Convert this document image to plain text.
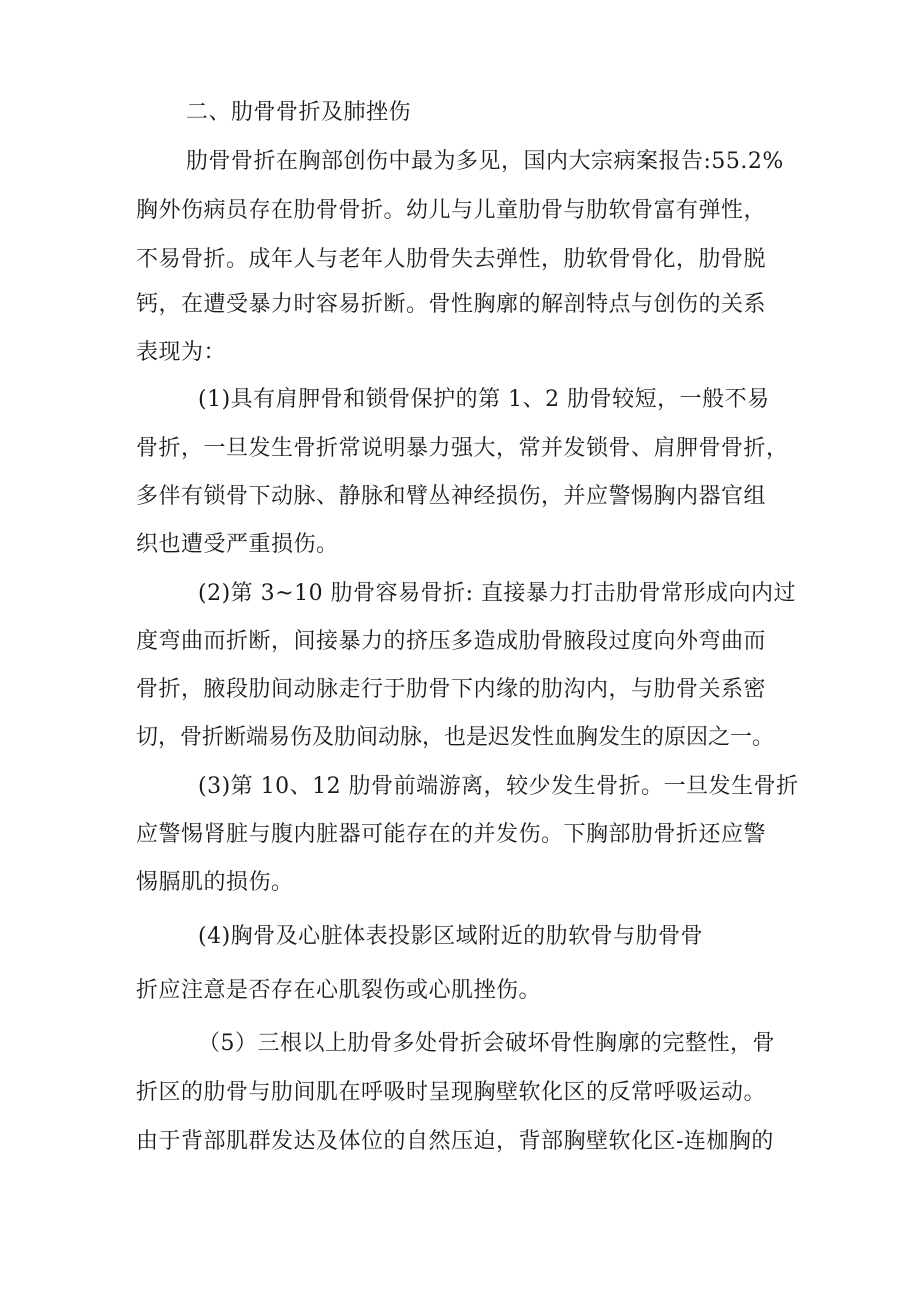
二、肋骨骨折及肺挫伤
肋骨骨折在胸部创伤中最为多见，国内大宗病案报告:55.2%
胸外伤病员存在肋骨骨折。幼儿与儿童肋骨与肋软骨富有弹性，
不易骨折。成年人与老年人肋骨失去弹性，肋软骨骨化，肋骨脱
钙，在遭受暴力时容易折断。骨性胸廓的解剖特点与创伤的关系
表现为：
(1)具有肩胛骨和锁骨保护的第 1、2 肋骨较短，一般不易
骨折，一旦发生骨折常说明暴力强大，常并发锁骨、肩胛骨骨折，
多伴有锁骨下动脉、静脉和臂丛神经损伤，并应警惕胸内器官组
织也遭受严重损伤。
(2)第 3~10 肋骨容易骨折: 直接暴力打击肋骨常形成向内过
度弯曲而折断，间接暴力的挤压多造成肋骨腋段过度向外弯曲而
骨折，腋段肋间动脉走行于肋骨下内缘的肋沟内，与肋骨关系密
切，骨折断端易伤及肋间动脉，也是迟发性血胸发生的原因之一。
(3)第 10、12 肋骨前端游离，较少发生骨折。一旦发生骨折
应警惕肾脏与腹内脏器可能存在的并发伤。下胸部肋骨折还应警
惕膈肌的损伤。
(4)胸骨及心脏体表投影区域附近的肋软骨与肋骨骨
折应注意是否存在心肌裂伤或心肌挫伤。
（5）三根以上肋骨多处骨折会破坏骨性胸廓的完整性，骨
折区的肋骨与肋间肌在呼吸时呈现胸壁软化区的反常呼吸运动。
由于背部肌群发达及体位的自然压迫，背部胸壁软化区-连枷胸的
